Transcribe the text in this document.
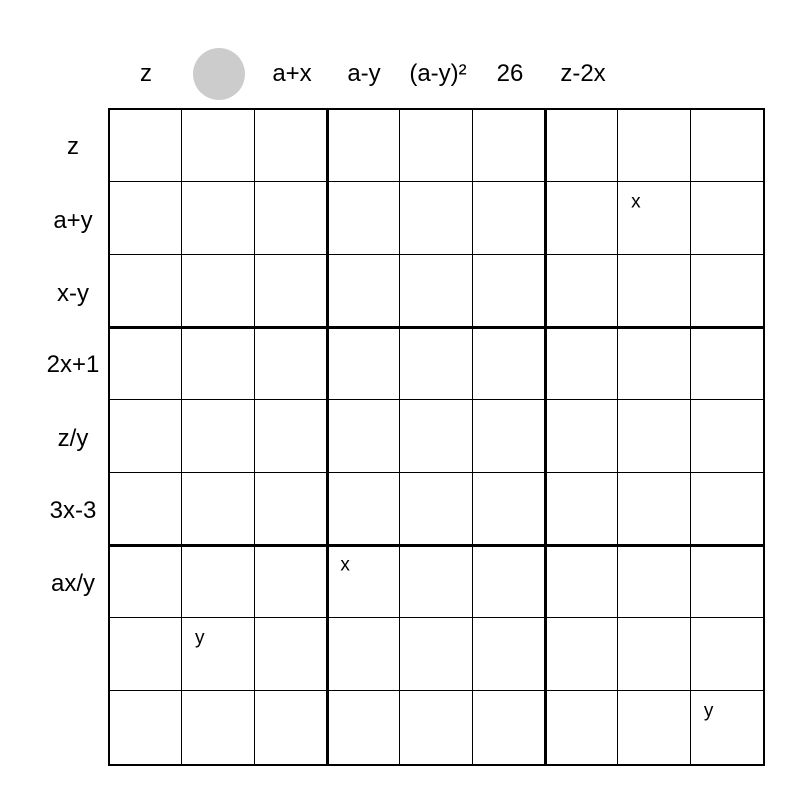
z	a+x a-y (a-y)² 26 z-2x
z
a+y
x-y
2x+1
z/y
3x-3
ax/y
x
x
y
y
